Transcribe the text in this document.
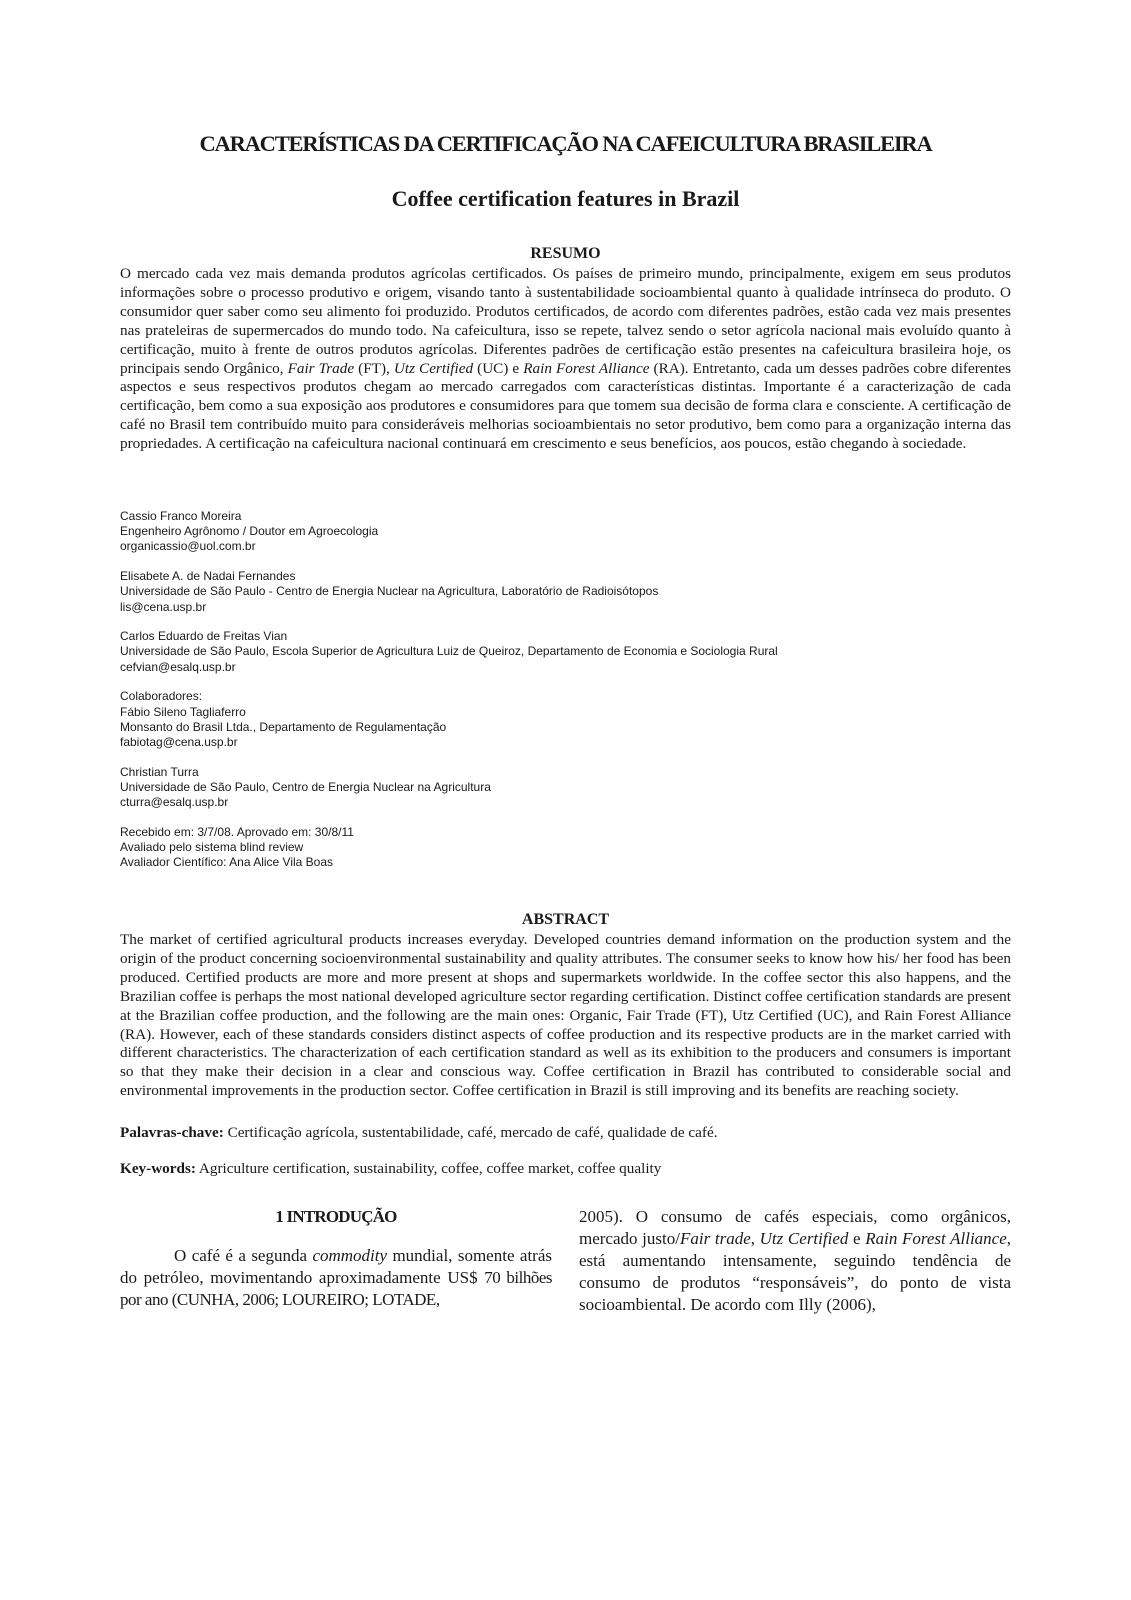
CARACTERÍSTICAS DA CERTIFICAÇÃO NA CAFEICULTURA BRASILEIRA
Coffee certification features in Brazil
RESUMO

O mercado cada vez mais demanda produtos agrícolas certificados. Os países de primeiro mundo, principalmente, exigem em seus produtos informações sobre o processo produtivo e origem, visando tanto à sustentabilidade socioambiental quanto à qualidade intrínseca do produto. O consumidor quer saber como seu alimento foi produzido. Produtos certificados, de acordo com diferentes padrões, estão cada vez mais presentes nas prateleiras de supermercados do mundo todo. Na cafeicultura, isso se repete, talvez sendo o setor agrícola nacional mais evoluído quanto à certificação, muito à frente de outros produtos agrícolas. Diferentes padrões de certificação estão presentes na cafeicultura brasileira hoje, os principais sendo Orgânico, Fair Trade (FT), Utz Certified (UC) e Rain Forest Alliance (RA). Entretanto, cada um desses padrões cobre diferentes aspectos e seus respectivos produtos chegam ao mercado carregados com características distintas. Importante é a caracterização de cada certificação, bem como a sua exposição aos produtores e consumidores para que tomem sua decisão de forma clara e consciente. A certificação de café no Brasil tem contribuído muito para consideráveis melhorias socioambientais no setor produtivo, bem como para a organização interna das propriedades. A certificação na cafeicultura nacional continuará em crescimento e seus benefícios, aos poucos, estão chegando à sociedade.

Cassio Franco Moreira
Engenheiro Agrônomo / Doutor em Agroecologia
organicassio@uol.com.br
Elisabete A. de Nadai Fernandes
Universidade de São Paulo - Centro de Energia Nuclear na Agricultura, Laboratório de Radioisótopos
lis@cena.usp.br
Carlos Eduardo de Freitas Vian
Universidade de São Paulo, Escola Superior de Agricultura Luiz de Queiroz, Departamento de Economia e Sociologia Rural
cefvian@esalq.usp.br
Colaboradores:
Fábio Sileno Tagliaferro
Monsanto do Brasil Ltda., Departamento de Regulamentação
fabiotag@cena.usp.br
Christian Turra
Universidade de São Paulo, Centro de Energia Nuclear na Agricultura
cturra@esalq.usp.br
Recebido em: 3/7/08. Aprovado em: 30/8/11
Avaliado pelo sistema blind review
Avaliador Científico: Ana Alice Vila Boas
ABSTRACT

The market of certified agricultural products increases everyday. Developed countries demand information on the production system and the origin of the product concerning socioenvironmental sustainability and quality attributes. The consumer seeks to know how his/ her food has been produced. Certified products are more and more present at shops and supermarkets worldwide. In the coffee sector this also happens, and the Brazilian coffee is perhaps the most national developed agriculture sector regarding certification. Distinct coffee certification standards are present at the Brazilian coffee production, and the following are the main ones: Organic, Fair Trade (FT), Utz Certified (UC), and Rain Forest Alliance (RA). However, each of these standards considers distinct aspects of coffee production and its respective products are in the market carried with different characteristics. The characterization of each certification standard as well as its exhibition to the producers and consumers is important so that they make their decision in a clear and conscious way. Coffee certification in Brazil has contributed to considerable social and environmental improvements in the production sector. Coffee certification in Brazil is still improving and its benefits are reaching society.

Palavras-chave: Certificação agrícola, sustentabilidade, café, mercado de café, qualidade de café.

Key-words: Agriculture certification, sustainability, coffee, coffee market, coffee quality

1 INTRODUÇÃO

O café é a segunda commodity mundial, somente atrás do petróleo, movimentando aproximadamente US$ 70 bilhões por ano (CUNHA, 2006; LOUREIRO; LOTADE,

2005). O consumo de cafés especiais, como orgânicos, mercado justo/Fair trade, Utz Certified e Rain Forest Alliance, está aumentando intensamente, seguindo tendência de consumo de produtos “responsáveis”, do ponto de vista socioambiental. De acordo com Illy (2006),
